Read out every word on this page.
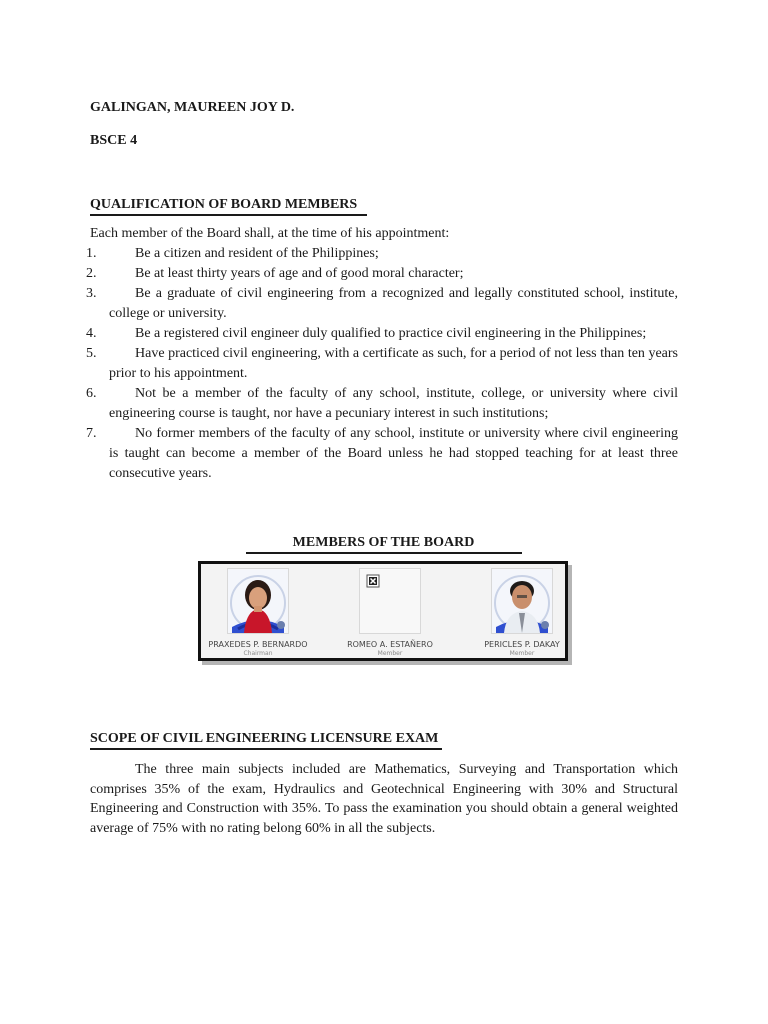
GALINGAN, MAUREEN JOY D.
BSCE 4
QUALIFICATION OF BOARD MEMBERS
Each member of the Board shall, at the time of his appointment:
1.	Be a citizen and resident of the Philippines;
2.	Be at least thirty years of age and of good moral character;
3.	Be a graduate of civil engineering from a recognized and legally constituted school, institute, college or university.
4.	Be a registered civil engineer duly qualified to practice civil engineering in the Philippines;
5.	Have practiced civil engineering, with a certificate as such, for a period of not less than ten years prior to his appointment.
6.	Not be a member of the faculty of any school, institute, college, or university where civil engineering course is taught, nor have a pecuniary interest in such institutions;
7.	No former members of the faculty of any school, institute or university where civil engineering is taught can become a member of the Board unless he had stopped teaching for at least three consecutive years.
MEMBERS OF THE BOARD
PRAXEDES P. BERNARDO
Chairman
ROMEO A. ESTAÑERO
Member
PERICLES P. DAKAY
Member
SCOPE OF CIVIL ENGINEERING LICENSURE EXAM
The three main subjects included are Mathematics, Surveying and Transportation which comprises 35% of the exam, Hydraulics and Geotechnical Engineering with 30% and Structural Engineering and Construction with 35%. To pass the examination you should obtain a general weighted average of 75% with no rating belong 60% in all the subjects.
